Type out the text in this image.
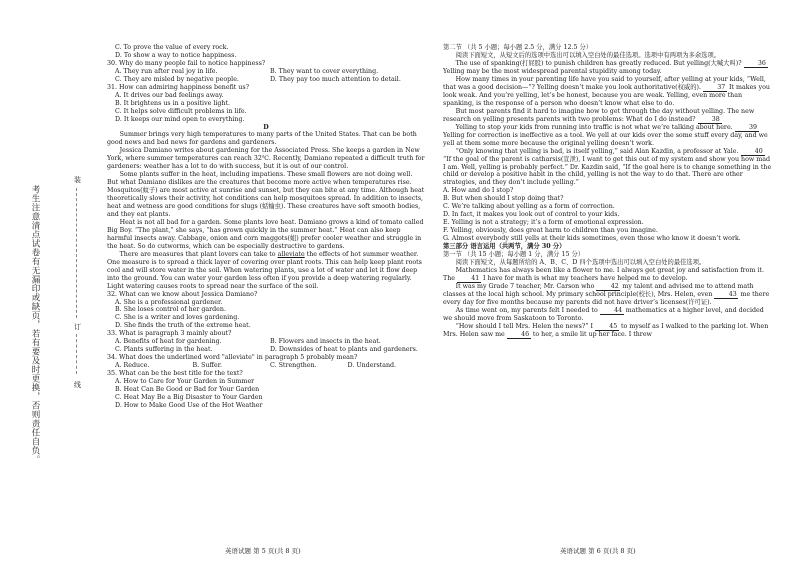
考生注意清点试卷有无漏印或缺页，若有要及时更换，否则责任自负。
装
订
线

C. To prove the value of every rock.

D. To show a way to notice happiness.

30. Why do many people fail to notice happiness?

A. They run after real joy in life.	B. They want to cover everything.
C. They are misled by negative people.	D. They pay too much attention to detail.

31. How can admiring happiness benefit us?

A. It drives our bad feelings away.

B. It brightens us in a positive light.

C. It helps solve difficult problems in life.

D. It keeps our mind open to everything.

D

Summer brings very high temperatures to many parts of the United States. That can be both good news and bad news for gardens and gardeners.

Jessica Damiano writes about gardening for the Associated Press. She keeps a garden in New York, where summer temperatures can reach 32℃. Recently, Damiano repeated a difficult truth for gardeners: weather has a lot to do with success, but it is out of our control.

Some plants suffer in the heat, including impatiens. These small flowers are not doing well. But what Damiano dislikes are the creatures that become more active when temperatures rise. Mosquitos(蚊子) are most active at sunrise and sunset, but they can bite at any time. Although heat theoretically slows their activity, hot conditions can help mosquitoes spread. In addition to insects, heat and wetness are good conditions for slugs (蛞蝓虫). These creatures have soft smooth bodies, and they eat plants.

Heat is not all bad for a garden. Some plants love heat. Damiano grows a kind of tomato called Big Boy. “The plant,” she says, “has grown quickly in the summer heat.” Heat can also keep harmful insects away. Cabbage, onion and corn maggots(蛆) prefer cooler weather and struggle in the heat. So do cutworms, which can be especially destructive to gardens.

There are measures that plant lovers can take to alleviate the effects of hot summer weather. One measure is to spread a thick layer of covering over plant roots. This can help keep plant roots cool and will store water in the soil. When watering plants, use a lot of water and let it flow deep into the ground. You can water your garden less often if you provide a deep watering regularly. Light watering causes roots to spread near the surface of the soil.

32. What can we know about Jessica Damiano?

A. She is a professional gardener.

B. She loses control of her garden.

C. She is a writer and loves gardening.

D. She finds the truth of the extreme heat.

33. What is paragraph 3 mainly about?

A. Benefits of heat for gardening.	B. Flowers and insects in the heat.
C. Plants suffering in the heat.	D. Downsides of heat to plants and gardeners.

34. What does the underlined word "alleviate" in paragraph 5 probably mean?

A. Reduce.	B. Suffer.	C. Strengthen.	D. Understand.

35. What can be the best title for the text?

A. How to Care for Your Garden in Summer

B. Heat Can Be Good or Bad for Your Garden

C. Heat May Be a Big Disaster to Your Garden

D. How to Make Good Use of the Hot Weather

英语试题 第 5 页(共 8 页)

第二节 （共 5 小题；每小题 2.5 分，满分 12.5 分）

阅读下面短文，从短文后的选项中选出可以填入空白处的最佳选项。选项中有两项为多余选项。

The use of spanking(打屁股) to punish children has greatly reduced. But yelling(大喊大叫)?	36 Yelling may be the most widespread parental stupidity among today.

How many times in your parenting life have you said to yourself, after yelling at your kids, “Well, that was a good decision—”? Yelling doesn’t make you look authoritative(权威的).	37 It makes you look weak. And you’re yelling, let’s be honest, because you are weak. Yelling, even more than spanking, is the response of a person who doesn’t know what else to do.

But most parents find it hard to imagine how to get through the day without yelling. The new research on yelling presents parents with two problems: What do I do instead?	38

Yelling to stop your kids from running into traffic is not what we’re talking about here.	39 Yelling for correction is ineffective as a tool. We yell at our kids over the some stuff every day, and we yell at them some more because the original yelling doesn’t work.

“Only knowing that yelling is bad, is itself yelling,” said Alan Kazdin, a professor at Yale.	40 “If the goal of the parent is catharsis(宣泄), I want to get this out of my system and show you how mad I am. Well, yelling is probably perfect.” Dr. Kazdin said, “If the goal here is to change something in the child or develop a positive habit in the child, yelling is not the way to do that. There are other strategies, and they don’t include yelling.”

A. How and do I stop?

B. But when should I stop doing that?

C. We’re talking about yelling as a form of correction.

D. In fact, it makes you look out of control to your kids.

E. Yelling is not a strategy; it’s a form of emotional expression.

F. Yelling, obviously, does great harm to children than you imagine.

G. Almost everybody still yells at their kids sometimes, even those who know it doesn’t work.

第三部分 语言运用（共两节，满分 30 分）

第一节 （共 15 小题；每小题 1 分，满分 15 分）

阅读下面短文，从每题所给的 A、B、C、D 四个选项中选出可以填入空白处的最佳选项。

Mathematics has always been like a flower to me. I always get great joy and satisfaction from it. The	41 I have for math is what my teachers have helped me to develop.

It was my Grade 7 teacher, Mr. Carson who	42 my talent and advised me to attend math classes at the local high school. My primary school principle(校长), Mrs. Helen, even	43 me there every day for five months because my parents did not have driver’s licenses(许可证).

As time went on, my parents felt I needed to	44 mathematics at a higher level, and decided we should move from Saskatoon to Toronto.

“How should I tell Mrs. Helen the news?” I	45 to myself as I walked to the parking lot. When Mrs. Helen saw me	46 to her, a smile lit up her face. I threw

英语试题 第 6 页(共 8 页)
